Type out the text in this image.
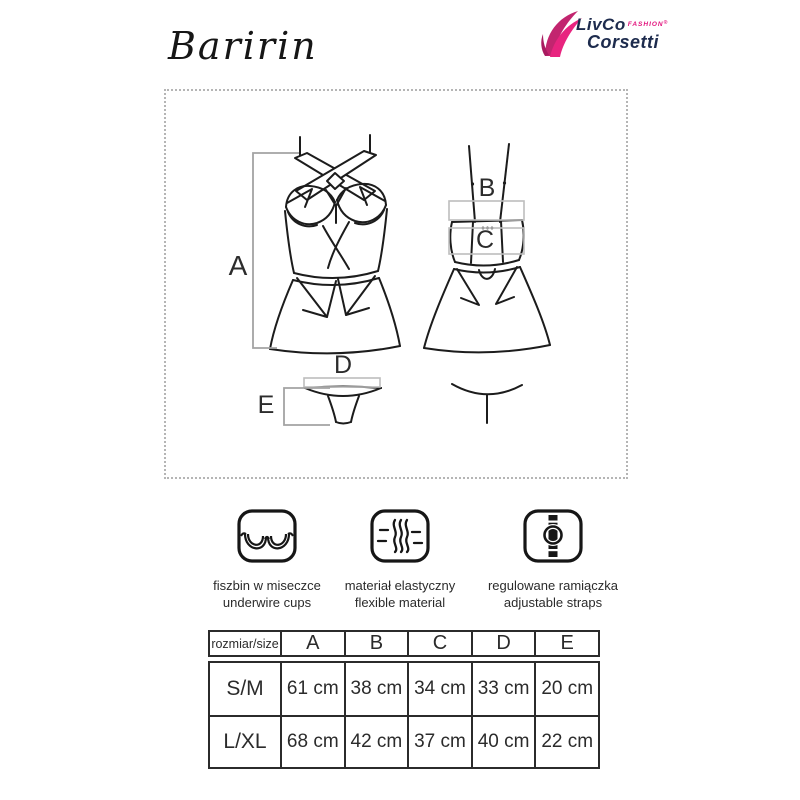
Baririn	LivCo $^{FASHION^®}$
Corsetti
A
B
C
D
E
fiszbin w miseczce
underwire cups
materiał elastyczny
flexible material
regulowane ramiączka
adjustable straps
rozmiar/size	A	B	C	D	E
S/M	61 cm 38 cm 34 cm 33 cm 20 cm
L/XL	68 cm 42 cm 37 cm 40 cm 22 cm
